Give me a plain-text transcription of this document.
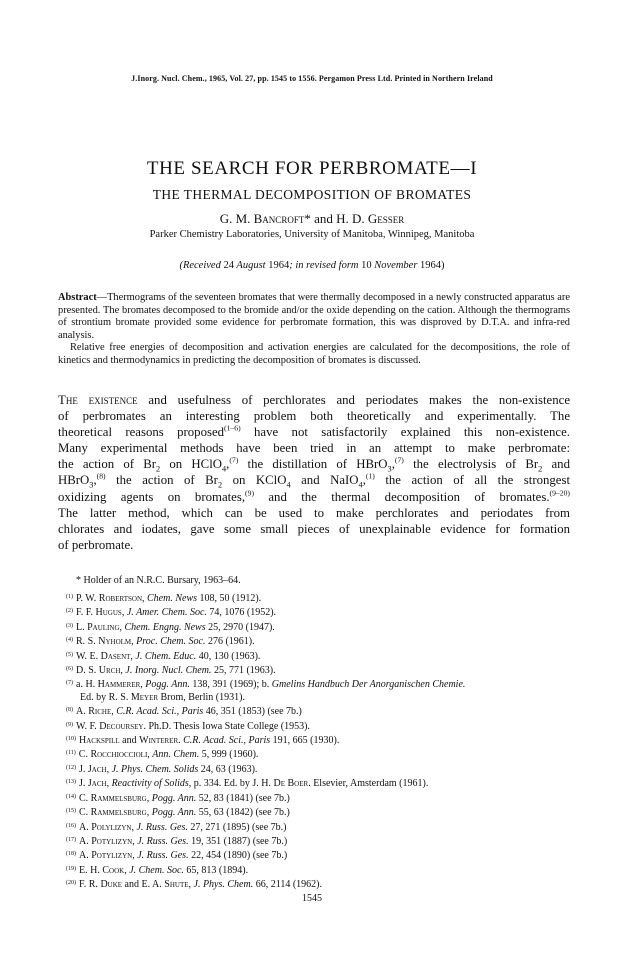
J.Inorg. Nucl. Chem., 1965, Vol. 27, pp. 1545 to 1556. Pergamon Press Ltd. Printed in Northern Ireland
THE SEARCH FOR PERBROMATE—I
THE THERMAL DECOMPOSITION OF BROMATES
G. M. Bancroft* and H. D. Gesser
Parker Chemistry Laboratories, University of Manitoba, Winnipeg, Manitoba
(Received 24 August 1964; in revised form 10 November 1964)

Abstract—Thermograms of the seventeen bromates that were thermally decomposed in a newly constructed apparatus are presented. The bromates decomposed to the bromide and/or the oxide depending on the cation. Although the thermograms of strontium bromate provided some evidence for perbromate formation, this was disproved by D.T.A. and infra-red analysis.

Relative free energies of decomposition and activation energies are calculated for the decompositions, the role of kinetics and thermodynamics in predicting the decomposition of bromates is discussed.

The existence and usefulness of perchlorates and periodates makes the non-existence
of perbromates an interesting problem both theoretically and experimentally. The
theoretical reasons proposed$^{(1-6)}$ have not satisfactorily explained this non-existence.
Many experimental methods have been tried in an attempt to make perbromate:
the action of $Br_2$ on HClO$_4$,$^{(7)}$ the distillation of HBrO$_3$,$^{(7)}$ the electrolysis of $Br_2$ and
HBrO$_3$,$^{(8)}$ the action of $Br_2$ on KClO$_4$ and NaIO$_4$,$^{(1)}$ the action of all the strongest
oxidizing agents on bromates,$^{(9)}$ and the thermal decomposition of bromates.$^{(9-20)}$
The latter method, which can be used to make perchlorates and periodates from
chlorates and iodates, gave some small pieces of unexplainable evidence for formation
of perbromate.
* Holder of an N.R.C. Bursary, 1963–64.
$^{(1)}$ P. W. Robertson, Chem. News 108, 50 (1912).
$^{(2)}$ F. F. Hugus, J. Amer. Chem. Soc. 74, 1076 (1952).
$^{(3)}$ L. Pauling, Chem. Engng. News 25, 2970 (1947).
$^{(4)}$ R. S. Nyholm, Proc. Chem. Soc. 276 (1961).
$^{(5)}$ W. E. Dasent, J. Chem. Educ. 40, 130 (1963).
$^{(6)}$ D. S. Urch, J. Inorg. Nucl. Chem. 25, 771 (1963).
$^{(7)}$ a. H. Hammerer, Pogg. Ann. 138, 391 (1969); b. Gmelins Handbuch Der Anorganischen Chemie.
Ed. by R. S. Meyer Brom, Berlin (1931).
$^{(8)}$ A. Riche, C.R. Acad. Sci., Paris 46, 351 (1853) (see 7b.)
$^{(9)}$ W. F. Decoursey. Ph.D. Thesis Iowa State College (1953).
$^{(10)}$ Hackspill and Winterer. C.R. Acad. Sci., Paris 191, 665 (1930).
$^{(11)}$ C. Rocchioccioli, Ann. Chem. 5, 999 (1960).
$^{(12)}$ J. Jach, J. Phys. Chem. Solids 24, 63 (1963).
$^{(13)}$ J. Jach, Reactivity of Solids, p. 334. Ed. by J. H. De Boer. Elsevier, Amsterdam (1961).
$^{(14)}$ C. Rammelsburg, Pogg. Ann. 52, 83 (1841) (see 7b.)
$^{(15)}$ C. Rammelsburg, Pogg. Ann. 55, 63 (1842) (see 7b.)
$^{(16)}$ A. Polylizyn, J. Russ. Ges. 27, 271 (1895) (see 7b.)
$^{(17)}$ A. Potylizyn, J. Russ. Ges. 19, 351 (1887) (see 7b.)
$^{(18)}$ A. Potylizyn, J. Russ. Ges. 22, 454 (1890) (see 7b.)
$^{(19)}$ E. H. Cook, J. Chem. Soc. 65, 813 (1894).
$^{(20)}$ F. R. Duke and E. A. Shute, J. Phys. Chem. 66, 2114 (1962).
1545
